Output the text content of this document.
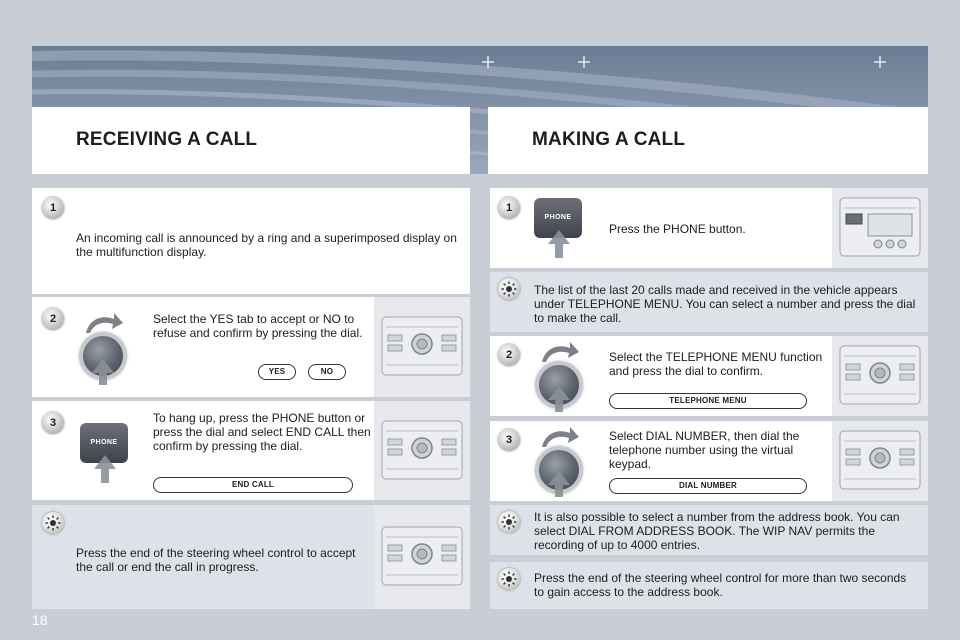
RECEIVING A CALL	MAKING A CALL
1
An incoming call is announced by a ring and a superimposed display on the multifunction display.
2	Select the YES tab to accept or NO to refuse and confirm by pressing the dial.
YES	NO
3
PHONE
To hang up, press the PHONE button or press the dial and select END CALL then confirm by pressing the dial.
END CALL
Press the end of the steering wheel control to accept the call or end the call in progress.
1
PHONE
Press the PHONE button.
The list of the last 20 calls made and received in the vehicle appears under TELEPHONE MENU. You can select a number and press the dial to make the call.
2	Select the TELEPHONE MENU function and press the dial to confirm.
TELEPHONE MENU
3	Select DIAL NUMBER, then dial the telephone number using the virtual keypad.
DIAL NUMBER
It is also possible to select a number from the address book. You can select DIAL FROM ADDRESS BOOK. The WIP NAV permits the recording of up to 4000 entries.
Press the end of the steering wheel control for more than two seconds to gain access to the address book.
18
